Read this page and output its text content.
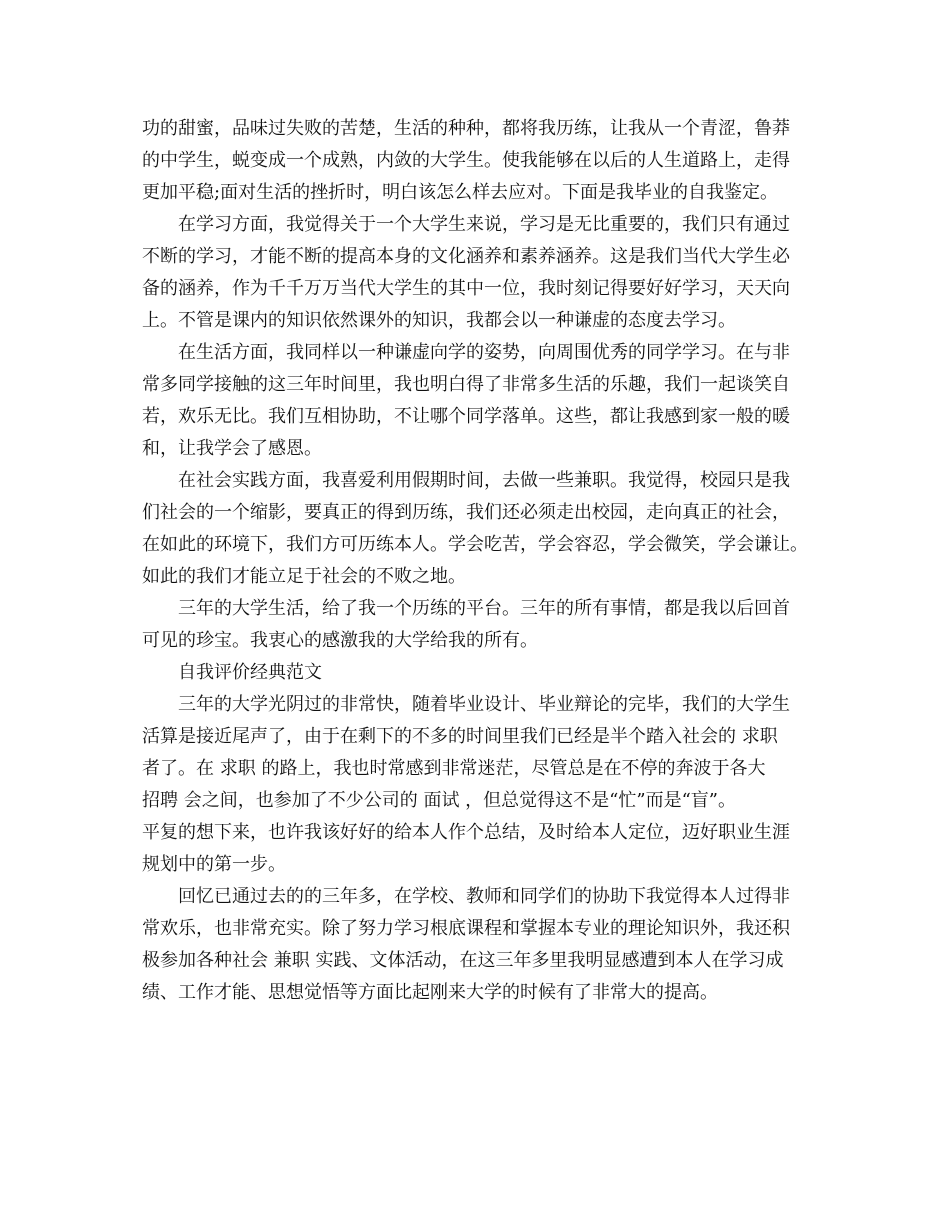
功的甜蜜，品味过失败的苦楚，生活的种种，都将我历练，让我从一个青涩，鲁莽
的中学生，蜕变成一个成熟，内敛的大学生。使我能够在以后的人生道路上，走得
更加平稳;面对生活的挫折时，明白该怎么样去应对。下面是我毕业的自我鉴定。
在学习方面，我觉得关于一个大学生来说，学习是无比重要的，我们只有通过
不断的学习，才能不断的提高本身的文化涵养和素养涵养。这是我们当代大学生必
备的涵养，作为千千万万当代大学生的其中一位，我时刻记得要好好学习，天天向
上。不管是课内的知识依然课外的知识，我都会以一种谦虚的态度去学习。
在生活方面，我同样以一种谦虚向学的姿势，向周围优秀的同学学习。在与非
常多同学接触的这三年时间里，我也明白得了非常多生活的乐趣，我们一起谈笑自
若，欢乐无比。我们互相协助，不让哪个同学落单。这些，都让我感到家一般的暖
和，让我学会了感恩。
在社会实践方面，我喜爱利用假期时间，去做一些兼职。我觉得，校园只是我
们社会的一个缩影，要真正的得到历练，我们还必须走出校园，走向真正的社会，
在如此的环境下，我们方可历练本人。学会吃苦，学会容忍，学会微笑，学会谦让。
如此的我们才能立足于社会的不败之地。
三年的大学生活，给了我一个历练的平台。三年的所有事情，都是我以后回首
可见的珍宝。我衷心的感激我的大学给我的所有。
自我评价经典范文
三年的大学光阴过的非常快，随着毕业设计、毕业辩论的完毕，我们的大学生
活算是接近尾声了，由于在剩下的不多的时间里我们已经是半个踏入社会的 求职
者了。在 求职 的路上，我也时常感到非常迷茫，尽管总是在不停的奔波于各大
招聘 会之间，也参加了不少公司的 面试 ，但总觉得这不是“忙”而是“盲”。
平复的想下来，也许我该好好的给本人作个总结，及时给本人定位，迈好职业生涯
规划中的第一步。
回忆已通过去的的三年多，在学校、教师和同学们的协助下我觉得本人过得非
常欢乐，也非常充实。除了努力学习根底课程和掌握本专业的理论知识外，我还积
极参加各种社会 兼职 实践、文体活动，在这三年多里我明显感遭到本人在学习成
绩、工作才能、思想觉悟等方面比起刚来大学的时候有了非常大的提高。
